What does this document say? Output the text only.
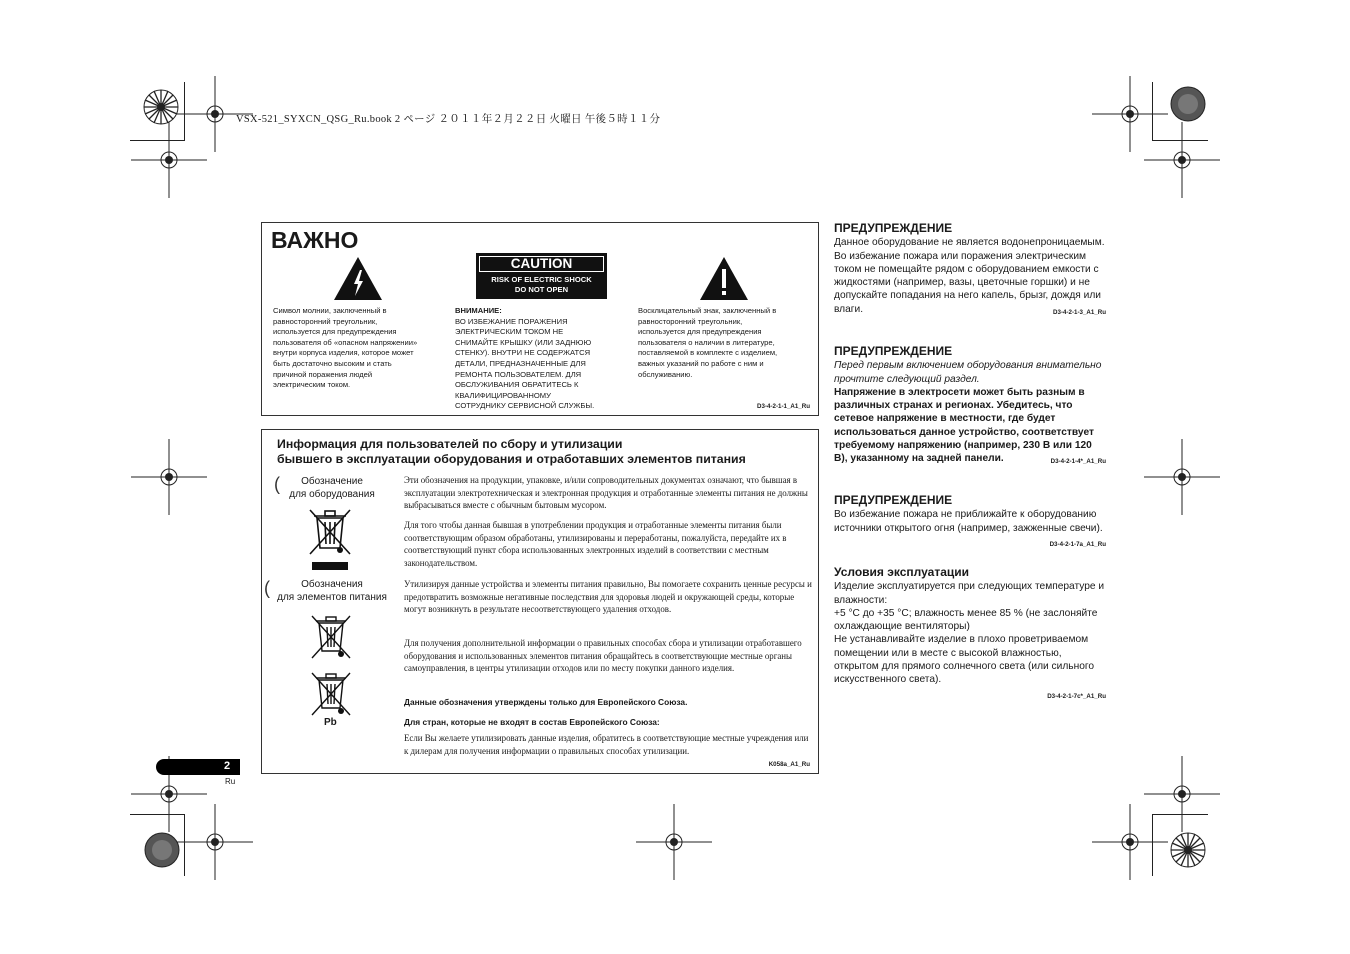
VSX-521_SYXCN_QSG_Ru.book 2 ページ ２０１１年２月２２日 火曜日 午後５時１１分
ВАЖНО
CAUTION
RISK OF ELECTRIC SHOCK
DO NOT OPEN
Символ молнии, заключенный в
равносторонний треугольник,
используется для предупреждения
пользователя об «опасном напряжении»
внутри корпуса изделия, которое может
быть достаточно высоким и стать
причиной поражения людей
электрическим током.
ВНИМАНИЕ:
ВО ИЗБЕЖАНИЕ ПОРАЖЕНИЯ
ЭЛЕКТРИЧЕСКИМ ТОКОМ НЕ
СНИМАЙТЕ КРЫШКУ (ИЛИ ЗАДНЮЮ
СТЕНКУ). ВНУТРИ НЕ СОДЕРЖАТСЯ
ДЕТАЛИ, ПРЕДНАЗНАЧЕННЫЕ ДЛЯ
РЕМОНТА ПОЛЬЗОВАТЕЛЕМ. ДЛЯ
ОБСЛУЖИВАНИЯ ОБРАТИТЕСЬ К
КВАЛИФИЦИРОВАННОМУ
СОТРУДНИКУ СЕРВИСНОЙ СЛУЖБЫ.
Восклицательный знак, заключенный в
равносторонний треугольник,
используется для предупреждения
пользователя о наличии в литературе,
поставляемой в комплекте с изделием,
важных указаний по работе с ним и
обслуживанию.
D3-4-2-1-1_A1_Ru
Информация для пользователей по сбору и утилизации
бывшего в эксплуатации оборудования и отработавших элементов питания
(	Обозначение
для оборудования
(	Обозначения
для элементов питания
Pb
Эти обозначения на продукции, упаковке, и/или сопроводительных документах означают, что бывшая в эксплуатации электротехническая и электронная продукция и отработанные элементы питания не должны выбрасываться вместе с обычным бытовым мусором.
Для того чтобы данная бывшая в употреблении продукция и отработанные элементы питания были соответствующим образом обработаны, утилизированы и переработаны, пожалуйста, передайте их в соответствующий пункт сбора использованных электронных изделий в соответствии с местным законодательством.
Утилизируя данные устройства и элементы питания правильно, Вы помогаете сохранить ценные ресурсы и предотвратить возможные негативные последствия для здоровья людей и окружающей среды, которые могут возникнуть в результате несоответствующего удаления отходов.
Для получения дополнительной информации о правильных способах сбора и утилизации отработавшего оборудования и использованных элементов питания обращайтесь в соответствующие местные органы самоуправления, в центры утилизации отходов или по месту покупки данного изделия.
Данные обозначения утверждены только для Европейского Союза.
Для стран, которые не входят в состав Европейского Союза:
Если Вы желаете утилизировать данные изделия, обратитесь в соответствующие местные учреждения или к дилерам для получения информации о правильных способах утилизации.
K058a_A1_Ru
ПРЕДУПРЕЖДЕНИЕ
Данное оборудование не является водонепроницаемым. Во избежание пожара или поражения электрическим током не помещайте рядом с оборудованием емкости с жидкостями (например, вазы, цветочные горшки) и не допускайте попадания на него капель, брызг, дождя или влаги.	D3-4-2-1-3_A1_Ru
ПРЕДУПРЕЖДЕНИЕ
Перед первым включением оборудования внимательно прочтите следующий раздел.
Напряжение в электросети может быть разным в различных странах и регионах. Убедитесь, что сетевое напряжение в местности, где будет использоваться данное устройство, соответствует требуемому напряжению (например, 230 В или 120 В), указанному на задней панели.	D3-4-2-1-4*_A1_Ru
ПРЕДУПРЕЖДЕНИЕ
Во избежание пожара не приближайте к оборудованию источники открытого огня (например, зажженные свечи).
D3-4-2-1-7a_A1_Ru
Условия эксплуатации
Изделие эксплуатируется при следующих температуре и влажности:
+5 °C до +35 °C; влажность менее 85 % (не заслоняйте охлаждающие вентиляторы)
Не устанавливайте изделие в плохо проветриваемом помещении или в месте с высокой влажностью, открытом для прямого солнечного света (или сильного искусственного света).
D3-4-2-1-7c*_A1_Ru
2
Ru
